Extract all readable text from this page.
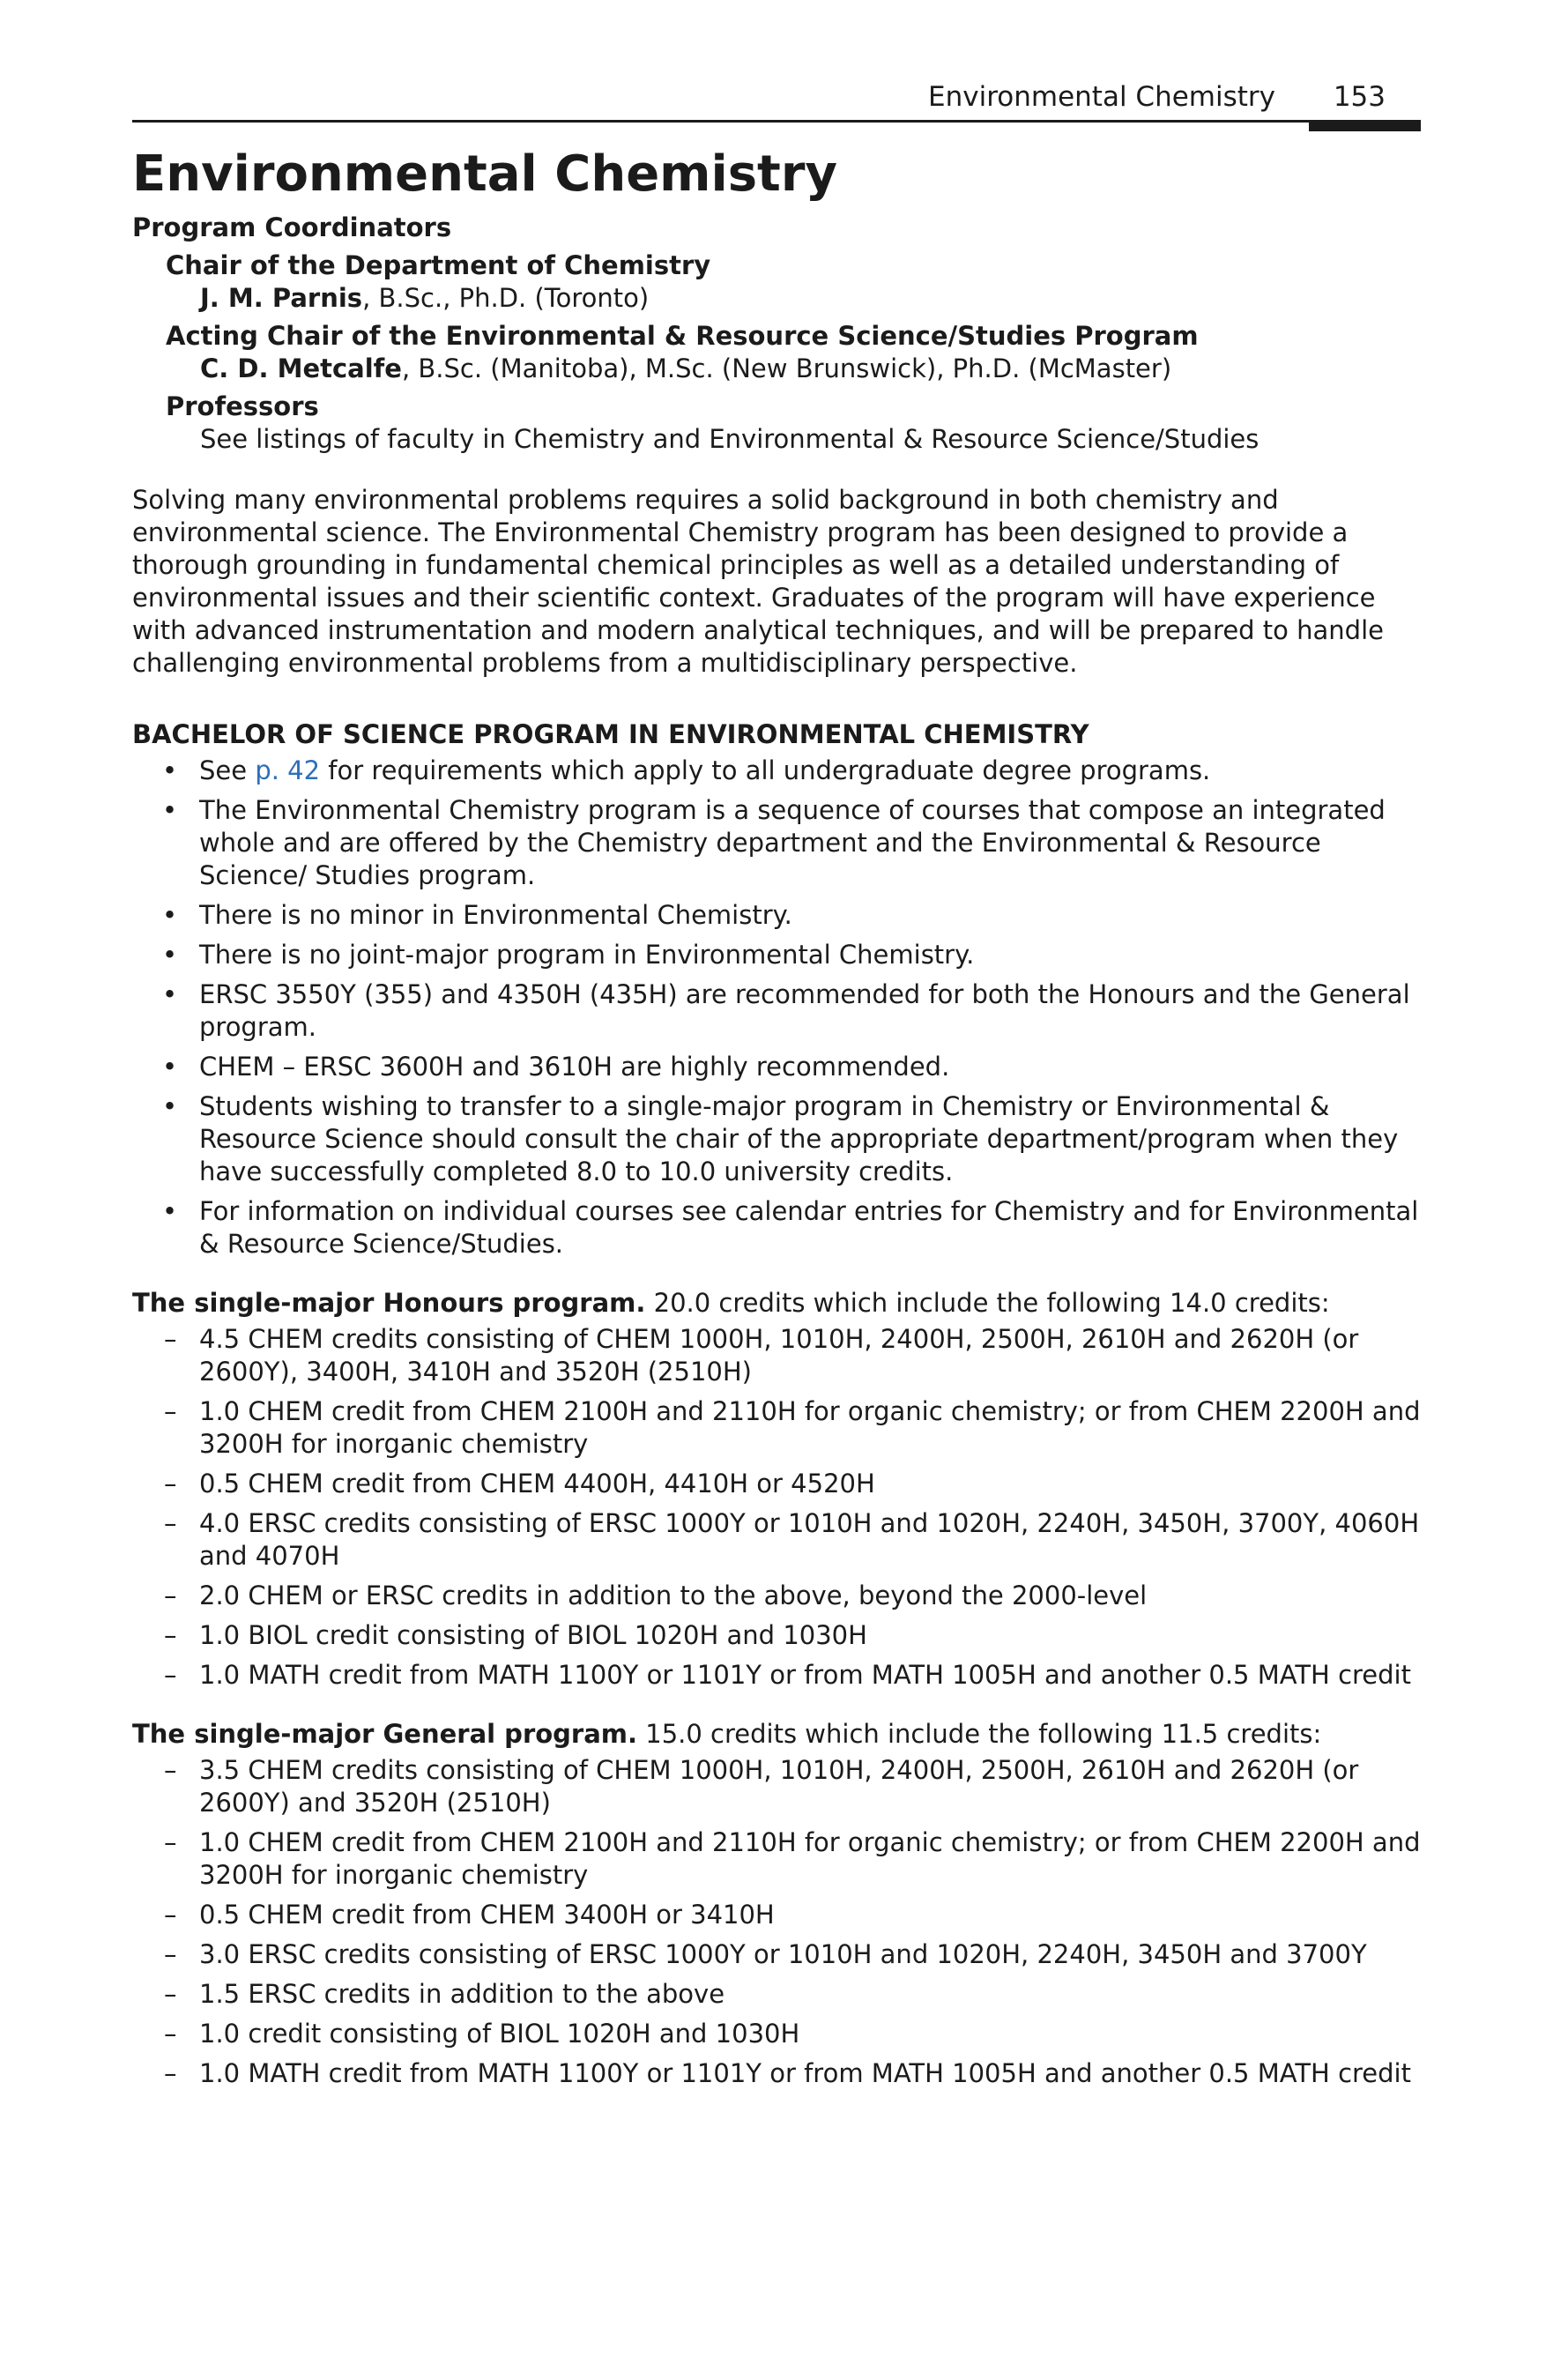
Environmental Chemistry 153
Environmental Chemistry

Program Coordinators

Chair of the Department of Chemistry

J. M. Parnis, B.Sc., Ph.D. (Toronto)

Acting Chair of the Environmental & Resource Science/Studies Program

C. D. Metcalfe, B.Sc. (Manitoba), M.Sc. (New Brunswick), Ph.D. (McMaster)

Professors

See listings of faculty in Chemistry and Environmental & Resource Science/Studies

Solving many environmental problems requires a solid background in both chemistry and environmental science. The Environmental Chemistry program has been designed to provide a thorough grounding in fundamental chemical principles as well as a detailed understanding of environmental issues and their scientific context. Graduates of the program will have experience with advanced instrumentation and modern analytical techniques, and will be prepared to handle challenging environmental problems from a multidisciplinary perspective.

BACHELOR OF SCIENCE PROGRAM IN ENVIRONMENTAL CHEMISTRY

• See p. 42 for requirements which apply to all undergraduate degree programs.
• The Environmental Chemistry program is a sequence of courses that compose an integrated whole and are offered by the Chemistry department and the Environmental & Resource Science/ Studies program.
• There is no minor in Environmental Chemistry.
• There is no joint-major program in Environmental Chemistry.
• ERSC 3550Y (355) and 4350H (435H) are recommended for both the Honours and the General program.
• CHEM – ERSC 3600H and 3610H are highly recommended.
• Students wishing to transfer to a single-major program in Chemistry or Environmental & Resource Science should consult the chair of the appropriate department/program when they have successfully completed 8.0 to 10.0 university credits.
• For information on individual courses see calendar entries for Chemistry and for Environmental & Resource Science/Studies.

The single-major Honours program. 20.0 credits which include the following 14.0 credits:

– 4.5 CHEM credits consisting of CHEM 1000H, 1010H, 2400H, 2500H, 2610H and 2620H (or 2600Y), 3400H, 3410H and 3520H (2510H)
– 1.0 CHEM credit from CHEM 2100H and 2110H for organic chemistry; or from CHEM 2200H and 3200H for inorganic chemistry
– 0.5 CHEM credit from CHEM 4400H, 4410H or 4520H
– 4.0 ERSC credits consisting of ERSC 1000Y or 1010H and 1020H, 2240H, 3450H, 3700Y, 4060H and 4070H
– 2.0 CHEM or ERSC credits in addition to the above, beyond the 2000-level
– 1.0 BIOL credit consisting of BIOL 1020H and 1030H
– 1.0 MATH credit from MATH 1100Y or 1101Y or from MATH 1005H and another 0.5 MATH credit

The single-major General program. 15.0 credits which include the following 11.5 credits:

– 3.5 CHEM credits consisting of CHEM 1000H, 1010H, 2400H, 2500H, 2610H and 2620H (or 2600Y) and 3520H (2510H)
– 1.0 CHEM credit from CHEM 2100H and 2110H for organic chemistry; or from CHEM 2200H and 3200H for inorganic chemistry
– 0.5 CHEM credit from CHEM 3400H or 3410H
– 3.0 ERSC credits consisting of ERSC 1000Y or 1010H and 1020H, 2240H, 3450H and 3700Y
– 1.5 ERSC credits in addition to the above
– 1.0 credit consisting of BIOL 1020H and 1030H
– 1.0 MATH credit from MATH 1100Y or 1101Y or from MATH 1005H and another 0.5 MATH credit
